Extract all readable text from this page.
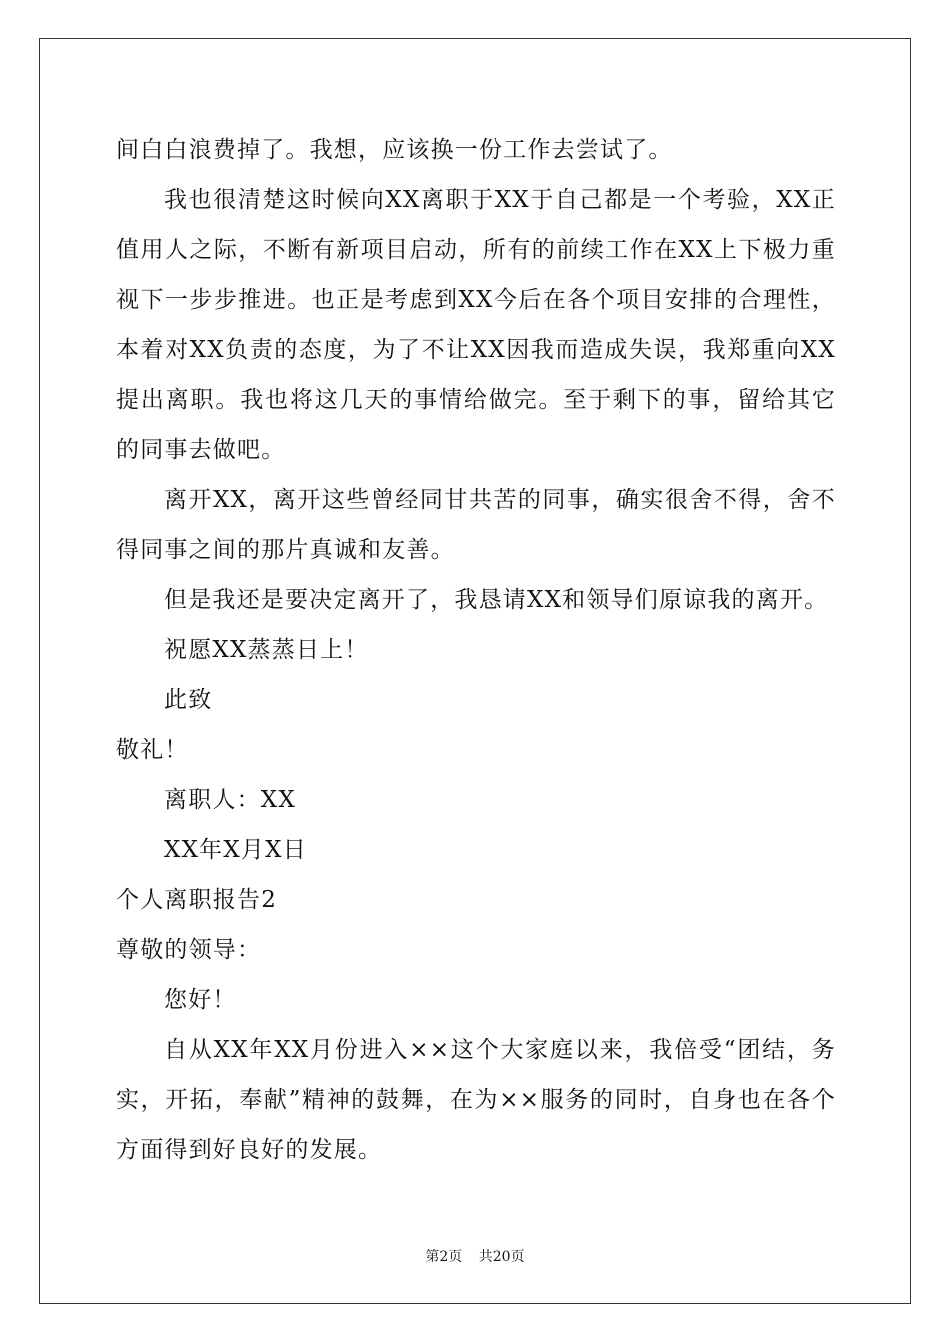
间白白浪费掉了。我想，应该换一份工作去尝试了。

我也很清楚这时候向XX离职于XX于自己都是一个考验，XX正值用人之际，不断有新项目启动，所有的前续工作在XX上下极力重视下一步步推进。也正是考虑到XX今后在各个项目安排的合理性，本着对XX负责的态度，为了不让XX因我而造成失误，我郑重向XX提出离职。我也将这几天的事情给做完。至于剩下的事，留给其它的同事去做吧。

离开XX，离开这些曾经同甘共苦的同事，确实很舍不得，舍不得同事之间的那片真诚和友善。

但是我还是要决定离开了，我恳请XX和领导们原谅我的离开。

祝愿XX蒸蒸日上！

此致

敬礼！

离职人：XX

XX年X月X日

个人离职报告2

尊敬的领导：

您好！

自从XX年XX月份进入××这个大家庭以来，我倍受“团结，务实，开拓，奉献”精神的鼓舞，在为××服务的同时，自身也在各个方面得到好良好的发展。

第2页 共20页
